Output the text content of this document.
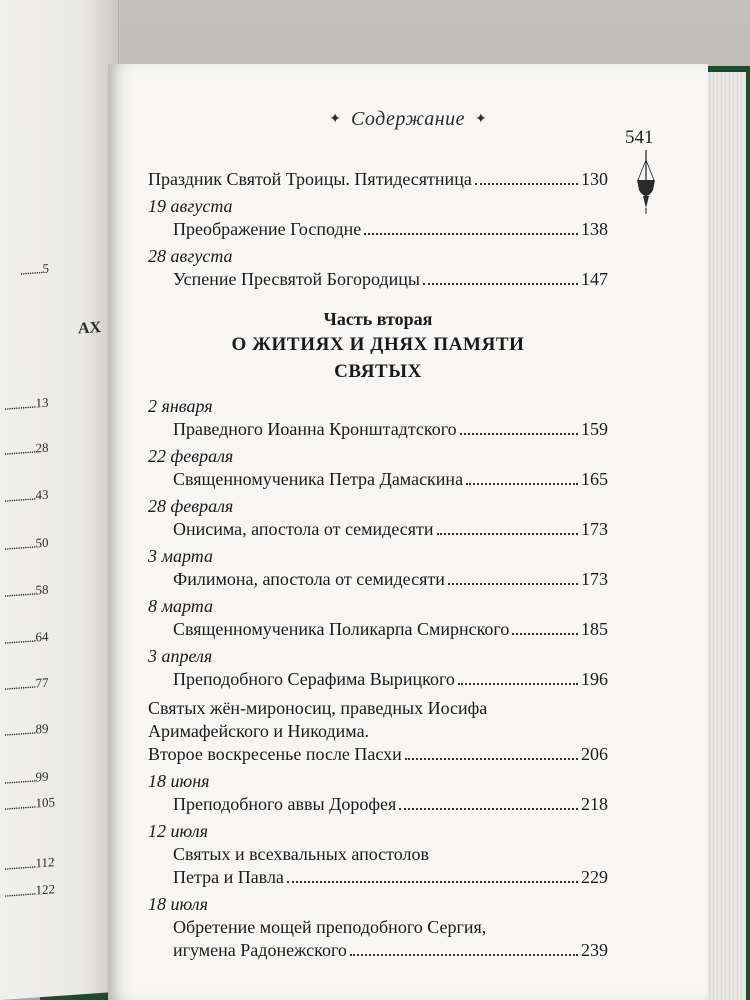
..........5
АХ
..............13
..............28
..............43
..............50
..............58
..............64
..............77
..............89
..............99
..............105
..............112
..............122
✦ Содержание ✦
541
Праздник Святой Троицы. Пятидесятница	130
19 августа
Преображение Господне	138
28 августа
Успение Пресвятой Богородицы	147
Часть вторая
О ЖИТИЯХ И ДНЯХ ПАМЯТИ
СВЯТЫХ
2 января
Праведного Иоанна Кронштадтского	159
22 февраля
Священномученика Петра Дамаскина	165
28 февраля
Онисима, апостола от семидесяти	173
3 марта
Филимона, апостола от семидесяти	173
8 марта
Священномученика Поликарпа Смирнского	185
3 апреля
Преподобного Серафима Вырицкого	196
Святых жён-мироносиц, праведных Иосифа
Аримафейского и Никодима.
Второе воскресенье после Пасхи	206
18 июня
Преподобного аввы Дорофея	218
12 июля
Святых и всехвальных апостолов
Петра и Павла	229
18 июля
Обретение мощей преподобного Сергия,
игумена Радонежского	239
